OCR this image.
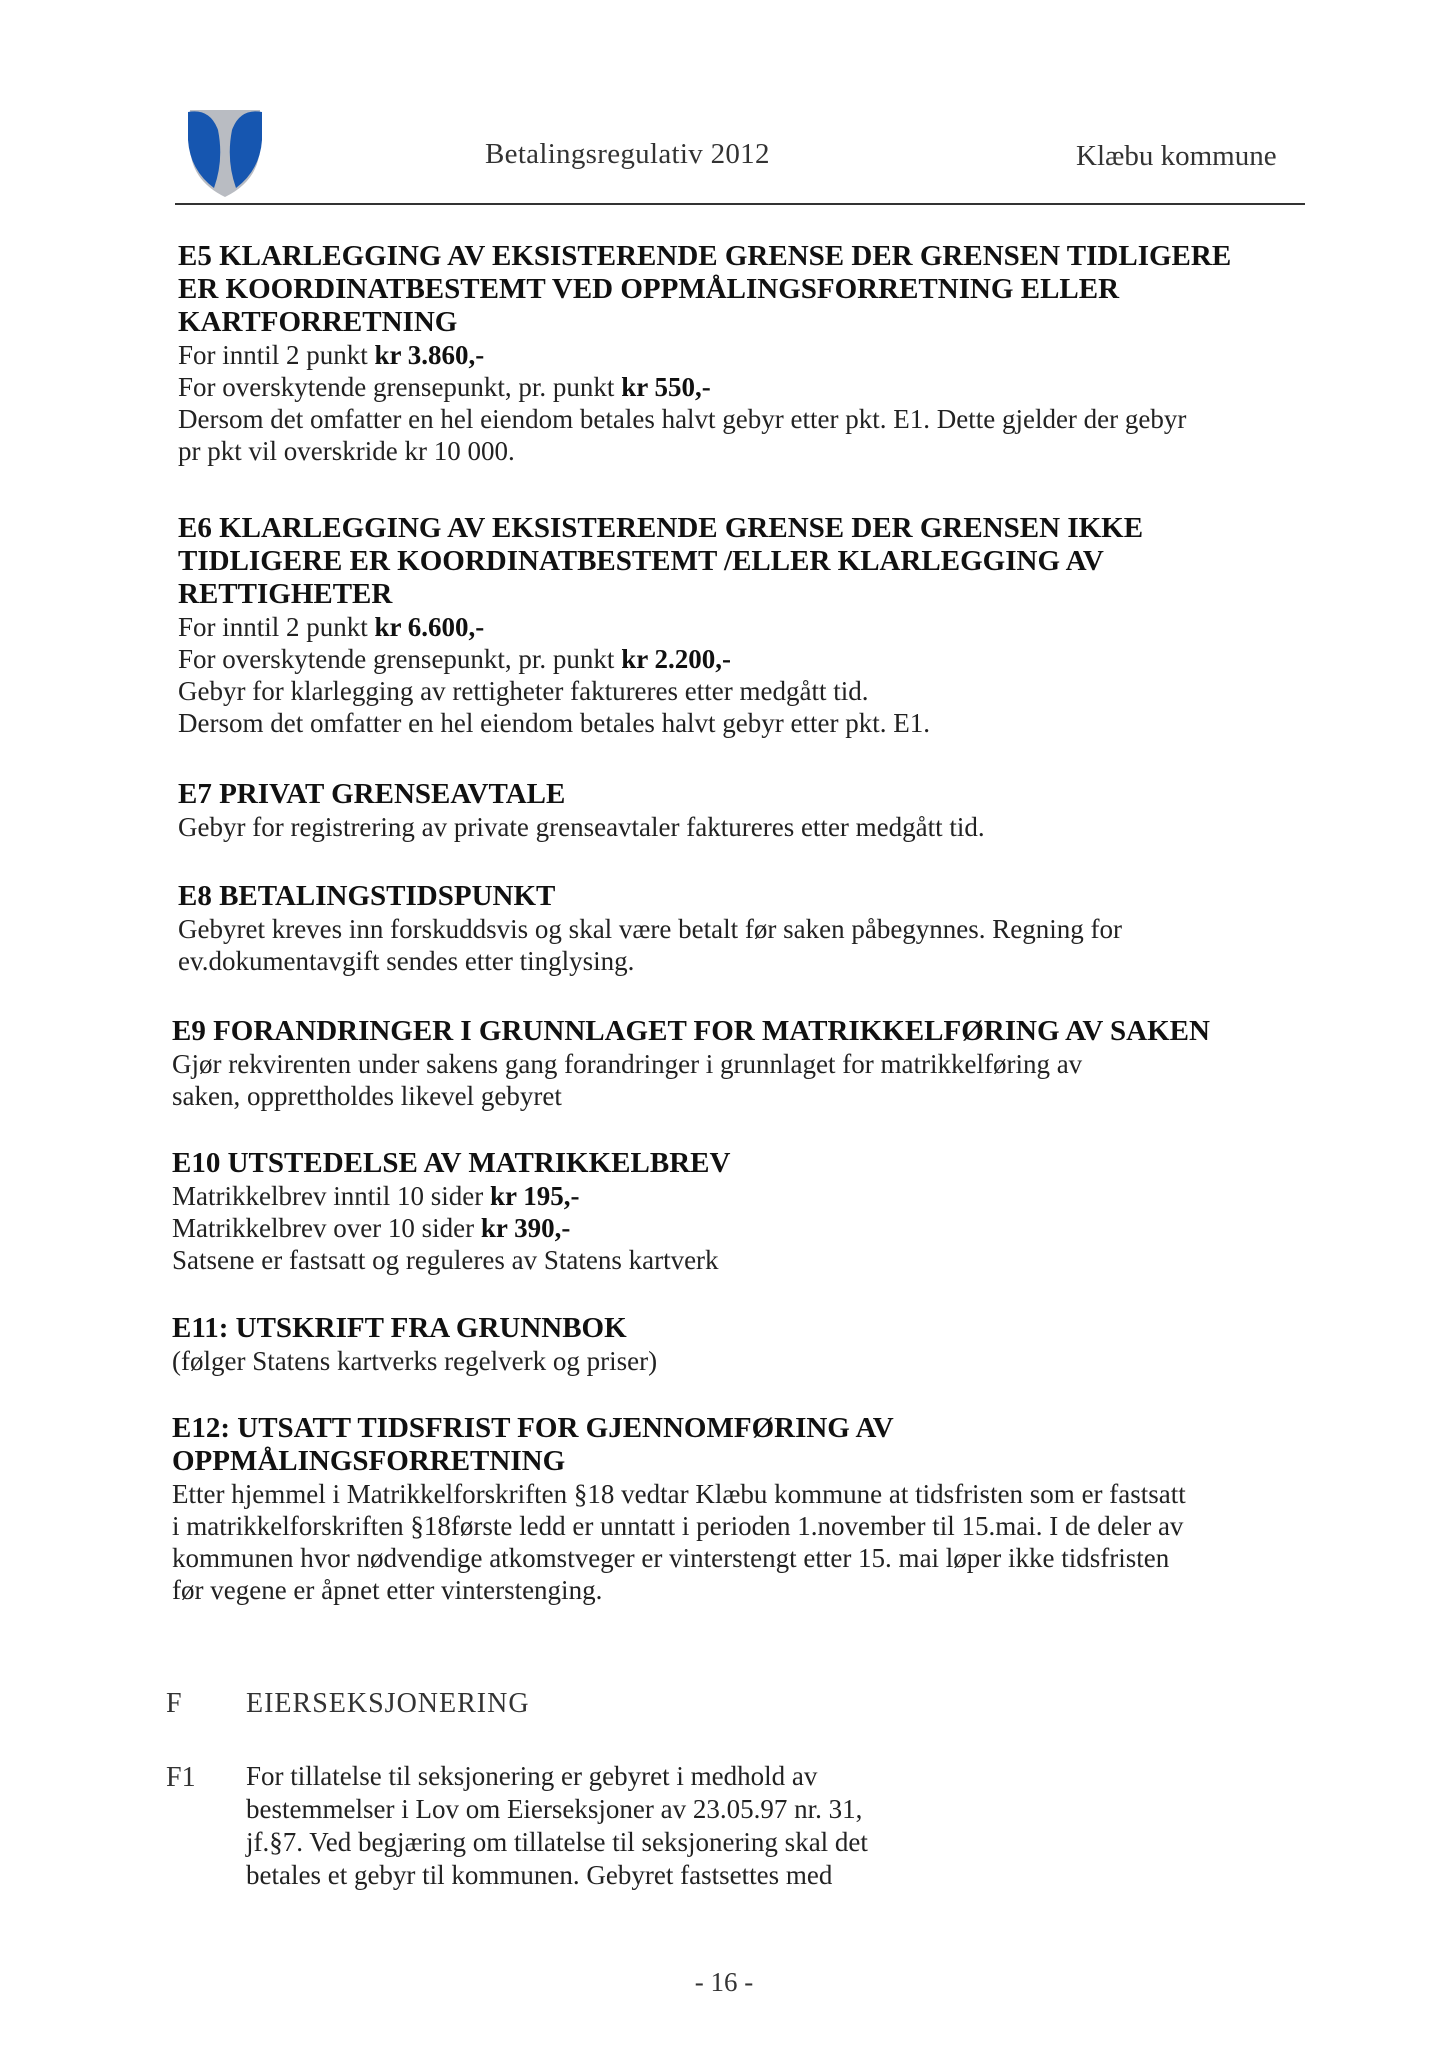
Betalingsregulativ 2012	Klæbu kommune
E5 KLARLEGGING AV EKSISTERENDE GRENSE DER GRENSEN TIDLIGERE
ER KOORDINATBESTEMT VED OPPMÅLINGSFORRETNING ELLER
KARTFORRETNING
For inntil 2 punkt kr 3.860,-
For overskytende grensepunkt, pr. punkt kr 550,-
Dersom det omfatter en hel eiendom betales halvt gebyr etter pkt. E1. Dette gjelder der gebyr
pr pkt vil overskride kr 10 000.
E6 KLARLEGGING AV EKSISTERENDE GRENSE DER GRENSEN IKKE
TIDLIGERE ER KOORDINATBESTEMT /ELLER KLARLEGGING AV
RETTIGHETER
For inntil 2 punkt kr 6.600,-
For overskytende grensepunkt, pr. punkt kr 2.200,-
Gebyr for klarlegging av rettigheter faktureres etter medgått tid.
Dersom det omfatter en hel eiendom betales halvt gebyr etter pkt. E1.
E7 PRIVAT GRENSEAVTALE
Gebyr for registrering av private grenseavtaler faktureres etter medgått tid.
E8 BETALINGSTIDSPUNKT
Gebyret kreves inn forskuddsvis og skal være betalt før saken påbegynnes. Regning for
ev.dokumentavgift sendes etter tinglysing.
E9 FORANDRINGER I GRUNNLAGET FOR MATRIKKELFØRING AV SAKEN
Gjør rekvirenten under sakens gang forandringer i grunnlaget for matrikkelføring av
saken, opprettholdes likevel gebyret
E10 UTSTEDELSE AV MATRIKKELBREV
Matrikkelbrev inntil 10 sider kr 195,-
Matrikkelbrev over 10 sider kr 390,-
Satsene er fastsatt og reguleres av Statens kartverk
E11: UTSKRIFT FRA GRUNNBOK
(følger Statens kartverks regelverk og priser)
E12: UTSATT TIDSFRIST FOR GJENNOMFØRING AV
OPPMÅLINGSFORRETNING
Etter hjemmel i Matrikkelforskriften §18 vedtar Klæbu kommune at tidsfristen som er fastsatt
i matrikkelforskriften §18første ledd er unntatt i perioden 1.november til 15.mai. I de deler av
kommunen hvor nødvendige atkomstveger er vinterstengt etter 15. mai løper ikke tidsfristen
før vegene er åpnet etter vinterstenging.
F EIERSEKSJONERING
F1 For tillatelse til seksjonering er gebyret i medhold av
bestemmelser i Lov om Eierseksjoner av 23.05.97 nr. 31,
jf.§7. Ved begjæring om tillatelse til seksjonering skal det
betales et gebyr til kommunen. Gebyret fastsettes med
- 16 -
